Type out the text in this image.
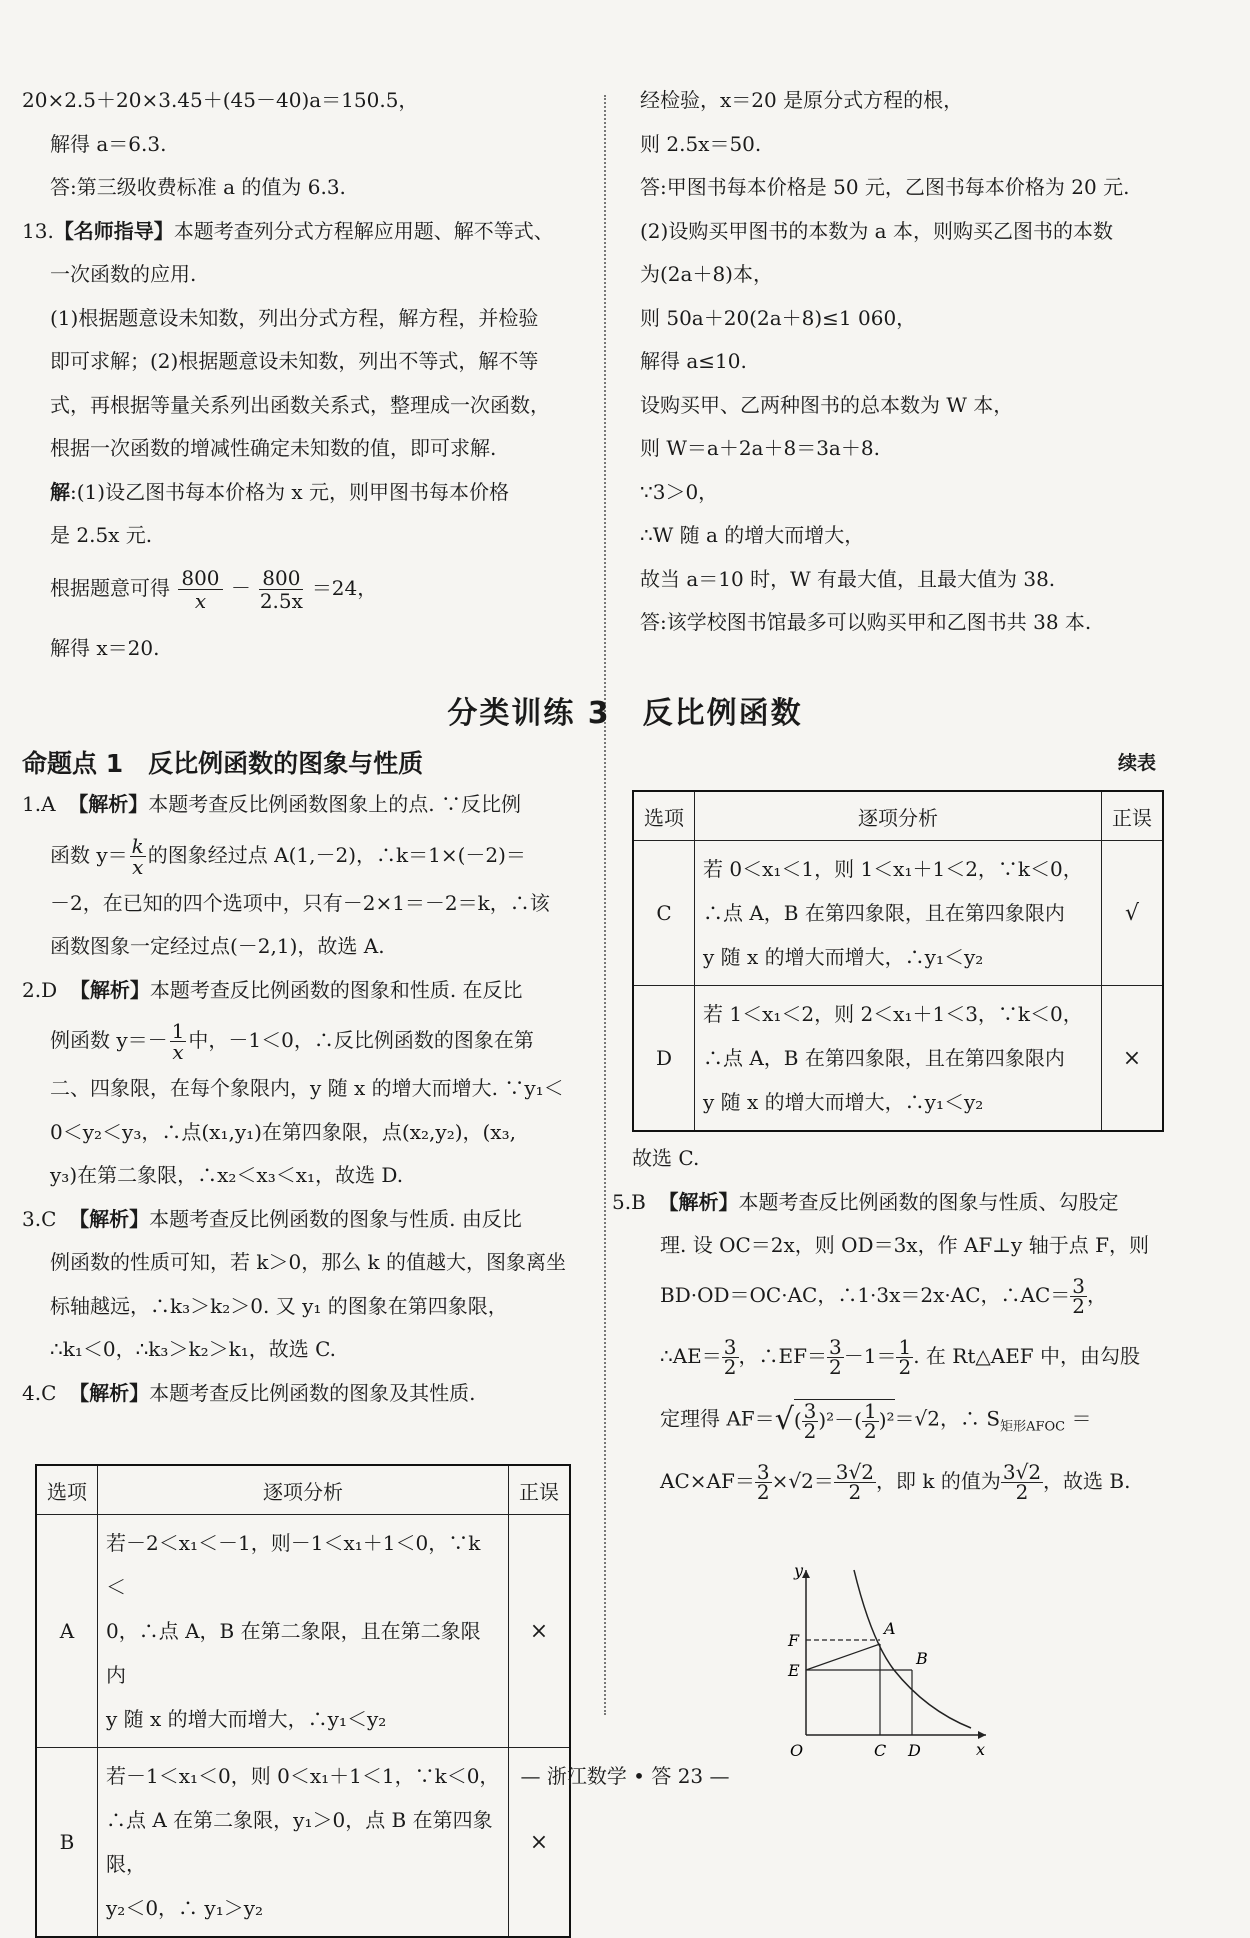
20×2.5＋20×3.45＋(45－40)a＝150.5，
解得 a＝6.3.
答:第三级收费标准 a 的值为 6.3.
13.【名师指导】本题考查列分式方程解应用题、解不等式、
一次函数的应用.
(1)根据题意设未知数，列出分式方程，解方程，并检验
即可求解；(2)根据题意设未知数，列出不等式，解不等
式，再根据等量关系列出函数关系式，整理成一次函数，
根据一次函数的增减性确定未知数的值，即可求解.
解:(1)设乙图书每本价格为 x 元，则甲图书每本价格
是 2.5x 元.
根据题意可得 $\frac{800}{x} - \frac{800}{2.5x} =24$，
解得 x＝20.
经检验，x＝20 是原分式方程的根，
则 2.5x＝50.
答:甲图书每本价格是 50 元，乙图书每本价格为 20 元.
(2)设购买甲图书的本数为 a 本，则购买乙图书的本数
为(2a＋8)本，
则 50a＋20(2a＋8)≤1 060，
解得 a≤10.
设购买甲、乙两种图书的总本数为 W 本，
则 W＝a＋2a＋8＝3a＋8.
∵3＞0，
∴W 随 a 的增大而增大，
故当 a＝10 时，W 有最大值，且最大值为 38.
答:该学校图书馆最多可以购买甲和乙图书共 38 本.
分类训练 3　反比例函数
命题点 1　反比例函数的图象与性质	续表
1.A 【解析】本题考查反比例函数图象上的点. ∵反比例
函数 $y= \frac{k}{x}$ 的图象经过点 A(1,－2)，∴k＝1×(－2)＝
－2，在已知的四个选项中，只有－2×1＝－2＝k，∴该
函数图象一定经过点(－2,1)，故选 A.
2.D 【解析】本题考查反比例函数的图象和性质. 在反比
例函数 $y=- \frac{1}{x}$ 中，－1＜0，∴反比例函数的图象在第
二、四象限，在每个象限内，y 随 x 的增大而增大. ∵y₁＜
0＜y₂＜y₃，∴点(x₁,y₁)在第四象限，点(x₂,y₂)，(x₃,
y₃)在第二象限，∴x₂＜x₃＜x₁，故选 D.
3.C 【解析】本题考查反比例函数的图象与性质. 由反比
例函数的性质可知，若 k＞0，那么 k 的值越大，图象离坐
标轴越远，∴k₃＞k₂＞0. 又 y₁ 的图象在第四象限，
∴k₁＜0，∴k₃＞k₂＞k₁，故选 C.
4.C 【解析】本题考查反比例函数的图象及其性质.
选项	逐项分析	正误
A	若－2＜x₁＜－1，则－1＜x₁＋1＜0，∵k＜
0，∴点 A，B 在第二象限，且在第二象限内
y 随 x 的增大而增大，∴y₁＜y₂	×
B	若－1＜x₁＜0，则 0＜x₁＋1＜1，∵k＜0，
∴点 A 在第二象限，y₁＞0，点 B 在第四象限，
y₂＜0，∴ y₁＞y₂	×
选项	逐项分析	正误
C	若 0＜x₁＜1，则 1＜x₁＋1＜2，∵k＜0，
∴点 A，B 在第四象限，且在第四象限内
y 随 x 的增大而增大，∴y₁＜y₂	√
D	若 1＜x₁＜2，则 2＜x₁＋1＜3，∵k＜0，
∴点 A，B 在第四象限，且在第四象限内
y 随 x 的增大而增大，∴y₁＜y₂	×
故选 C.
5.B 【解析】本题考查反比例函数的图象与性质、勾股定
理. 设 OC＝2x，则 OD＝3x，作 AF⊥y 轴于点 F，则
BD·OD＝OC·AC，∴1·3x＝2x·AC，∴AC＝ $\frac{3}{2}$ ，
∴AE＝ $\frac{3}{2}$ ，∴EF＝ $\frac{3}{2} -1= \frac{1}{2}$ . 在 Rt△AEF 中，由勾股
定理得 $AF=√( \frac{3}{2} )^2-( \frac{1}{2} )^2=√2$，∴ $S_{矩形AFOC}$ ＝
$AC\times AF= \frac{3}{2} \times√2= \frac{3√2}{2}$ ，即 k 的值为 $\frac{3√2}{2}$ ，故选 B.
y
x
O
F
E
A
B
C D
— 浙江数学 • 答 23 —
